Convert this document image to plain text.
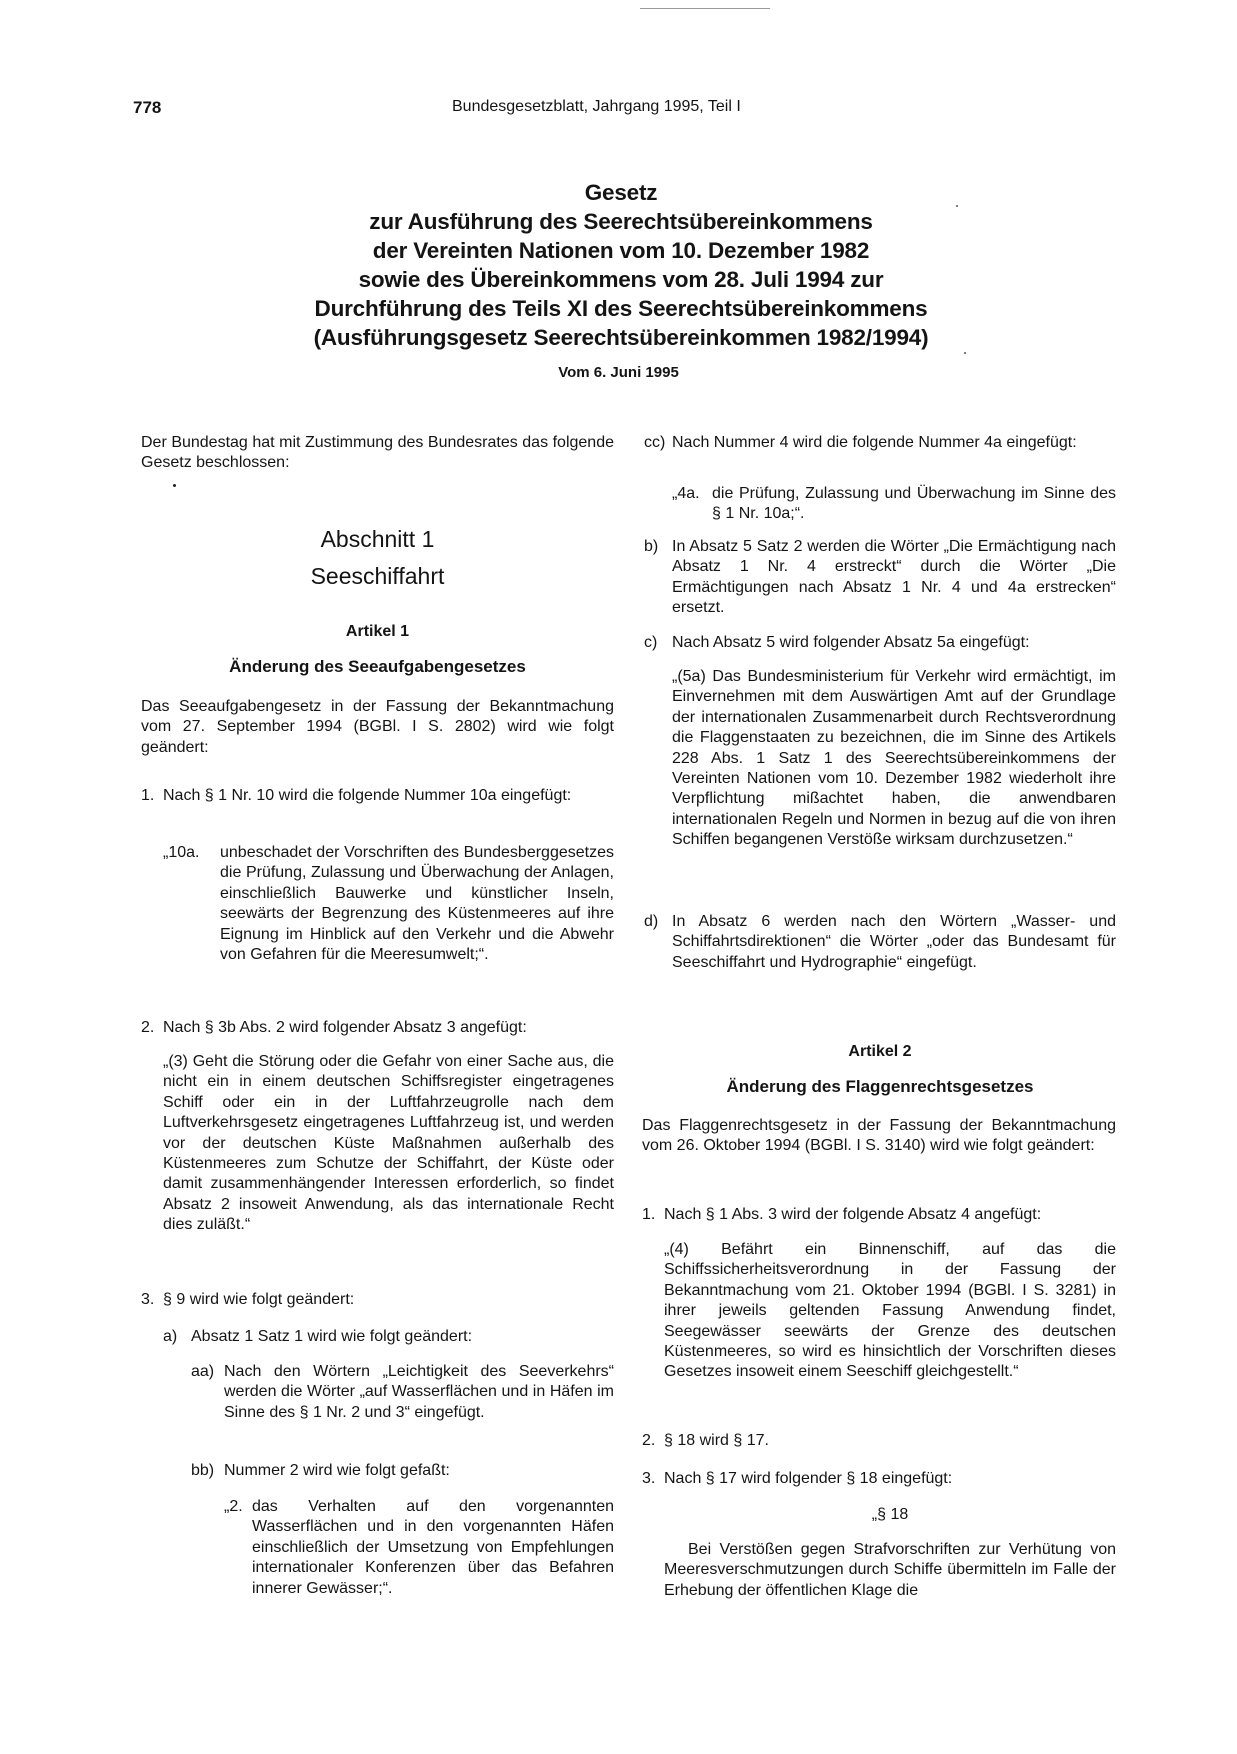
778	Bundesgesetzblatt, Jahrgang 1995, Teil I
Gesetz
zur Ausführung des Seerechtsübereinkommens
der Vereinten Nationen vom 10. Dezember 1982
sowie des Übereinkommens vom 28. Juli 1994 zur
Durchführung des Teils XI des Seerechtsübereinkommens
(Ausführungsgesetz Seerechtsübereinkommen 1982/1994)
Vom 6. Juni 1995
Der Bundestag hat mit Zustimmung des Bundesrates das folgende Gesetz beschlossen:
Abschnitt 1
Seeschiffahrt
Artikel 1
Änderung des Seeaufgabengesetzes
Das Seeaufgabengesetz in der Fassung der Bekanntmachung vom 27. September 1994 (BGBl. I S. 2802) wird wie folgt geändert:
1. Nach § 1 Nr. 10 wird die folgende Nummer 10a eingefügt:
„10a. unbeschadet der Vorschriften des Bundesberggesetzes die Prüfung, Zulassung und Überwachung der Anlagen, einschließlich Bauwerke und künstlicher Inseln, seewärts der Begrenzung des Küstenmeeres auf ihre Eignung im Hinblick auf den Verkehr und die Abwehr von Gefahren für die Meeresumwelt;“.
2. Nach § 3b Abs. 2 wird folgender Absatz 3 angefügt:
„(3) Geht die Störung oder die Gefahr von einer Sache aus, die nicht ein in einem deutschen Schiffsregister eingetragenes Schiff oder ein in der Luftfahrzeugrolle nach dem Luftverkehrsgesetz eingetragenes Luftfahrzeug ist, und werden vor der deutschen Küste Maßnahmen außerhalb des Küstenmeeres zum Schutze der Schiffahrt, der Küste oder damit zusammenhängender Interessen erforderlich, so findet Absatz 2 insoweit Anwendung, als das internationale Recht dies zuläßt.“
3. § 9 wird wie folgt geändert:
a) Absatz 1 Satz 1 wird wie folgt geändert:
aa) Nach den Wörtern „Leichtigkeit des Seeverkehrs“ werden die Wörter „auf Wasserflächen und in Häfen im Sinne des § 1 Nr. 2 und 3“ eingefügt.
bb) Nummer 2 wird wie folgt gefaßt:
„2. das Verhalten auf den vorgenannten Wasserflächen und in den vorgenannten Häfen einschließlich der Umsetzung von Empfehlungen internationaler Konferenzen über das Befahren innerer Gewässer;“.
cc) Nach Nummer 4 wird die folgende Nummer 4a eingefügt:
„4a. die Prüfung, Zulassung und Überwachung im Sinne des § 1 Nr. 10a;“.
b) In Absatz 5 Satz 2 werden die Wörter „Die Ermächtigung nach Absatz 1 Nr. 4 erstreckt“ durch die Wörter „Die Ermächtigungen nach Absatz 1 Nr. 4 und 4a erstrecken“ ersetzt.
c) Nach Absatz 5 wird folgender Absatz 5a eingefügt:
„(5a) Das Bundesministerium für Verkehr wird ermächtigt, im Einvernehmen mit dem Auswärtigen Amt auf der Grundlage der internationalen Zusammenarbeit durch Rechtsverordnung die Flaggenstaaten zu bezeichnen, die im Sinne des Artikels 228 Abs. 1 Satz 1 des Seerechtsübereinkommens der Vereinten Nationen vom 10. Dezember 1982 wiederholt ihre Verpflichtung mißachtet haben, die anwendbaren internationalen Regeln und Normen in bezug auf die von ihren Schiffen begangenen Verstöße wirksam durchzusetzen.“
d) In Absatz 6 werden nach den Wörtern „Wasser- und Schiffahrtsdirektionen“ die Wörter „oder das Bundesamt für Seeschiffahrt und Hydrographie“ eingefügt.
Artikel 2
Änderung des Flaggenrechtsgesetzes
Das Flaggenrechtsgesetz in der Fassung der Bekanntmachung vom 26. Oktober 1994 (BGBl. I S. 3140) wird wie folgt geändert:
1. Nach § 1 Abs. 3 wird der folgende Absatz 4 angefügt:
„(4) Befährt ein Binnenschiff, auf das die Schiffssicherheitsverordnung in der Fassung der Bekanntmachung vom 21. Oktober 1994 (BGBl. I S. 3281) in ihrer jeweils geltenden Fassung Anwendung findet, Seegewässer seewärts der Grenze des deutschen Küstenmeeres, so wird es hinsichtlich der Vorschriften dieses Gesetzes insoweit einem Seeschiff gleichgestellt.“
2. § 18 wird § 17.
3. Nach § 17 wird folgender § 18 eingefügt:
„§ 18
Bei Verstößen gegen Strafvorschriften zur Verhütung von Meeresverschmutzungen durch Schiffe übermitteln im Falle der Erhebung der öffentlichen Klage die
